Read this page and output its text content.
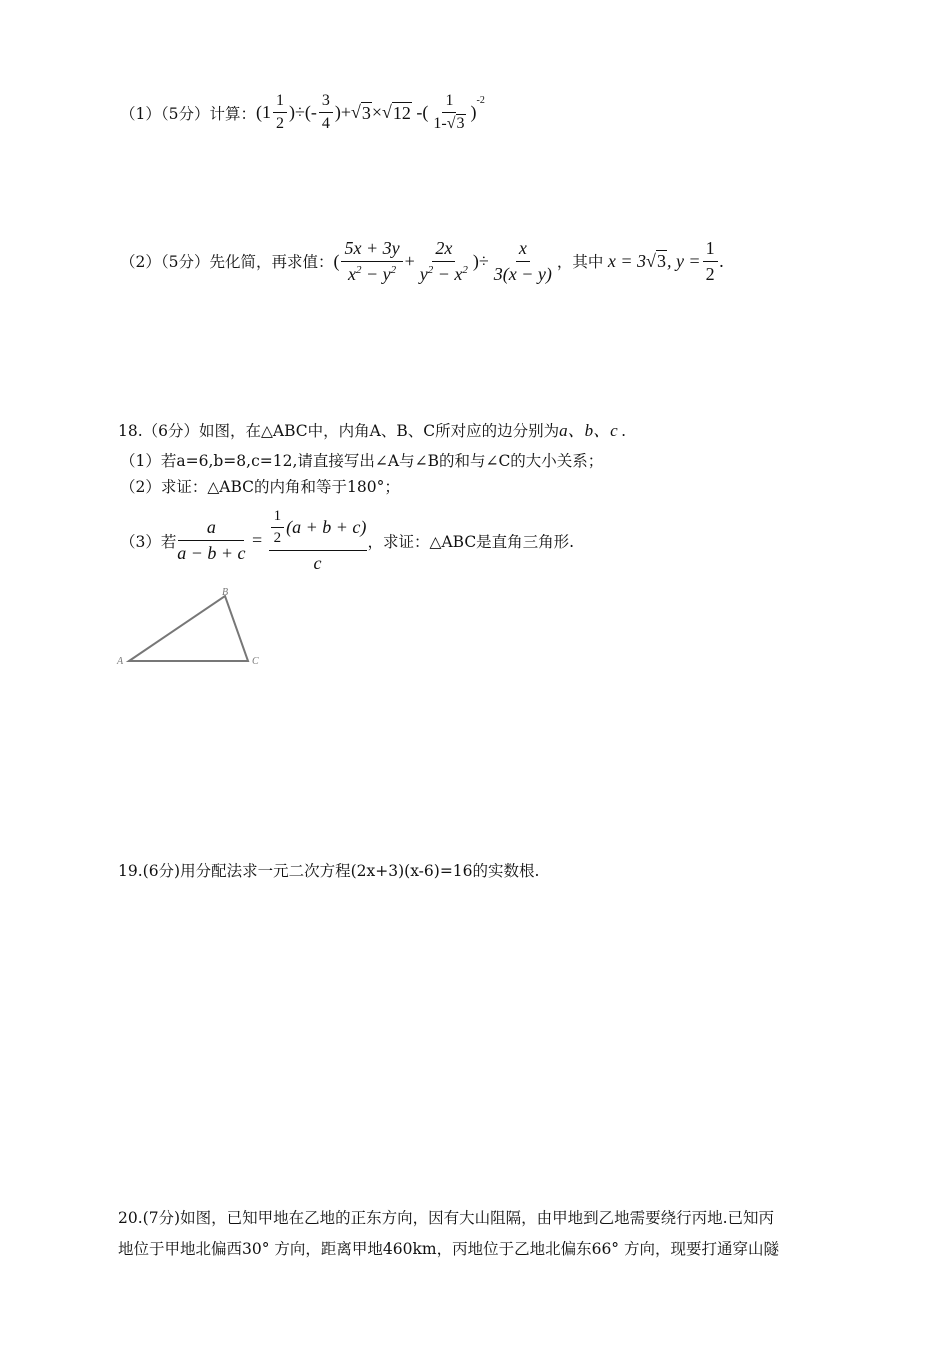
（1）（5分）计算： ($1 \frac{1}{2}$ )÷(- $\frac{3}{4}$ )+√ 3 ×√ 12 -( $\frac{1}{1-√3}$ )
-2
（2）（5分）先化简，再求值： ( $\frac{5x + 3y}{x^2 - y^2} + \frac{2x}{y^2 - x^2}$ )÷ $\frac{x}{3(x - y)}$ ，其中 x = 3√ 3 , $y = \frac{1}{2}$ .
18.（6分）如图，在△ABC中，内角A、B、C所对应的边分别为a、b、c .
（1）若a=6,b=8,c=12,请直接写出∠A与∠B的和与∠C的大小关系；
（2）求证：△ABC的内角和等于180°；
（3）若 $\frac{a}{a - b + c} = \frac{\frac{1}{2} (a + b + c)}{c}$ ，求证：△ABC是直角三角形.
A
B
C
19.(6分)用分配法求一元二次方程(2x+3)(x-6)=16的实数根.
20.(7分)如图，已知甲地在乙地的正东方向，因有大山阻隔，由甲地到乙地需要绕行丙地.已知丙
地位于甲地北偏西30° 方向，距离甲地460km，丙地位于乙地北偏东66° 方向，现要打通穿山隧
